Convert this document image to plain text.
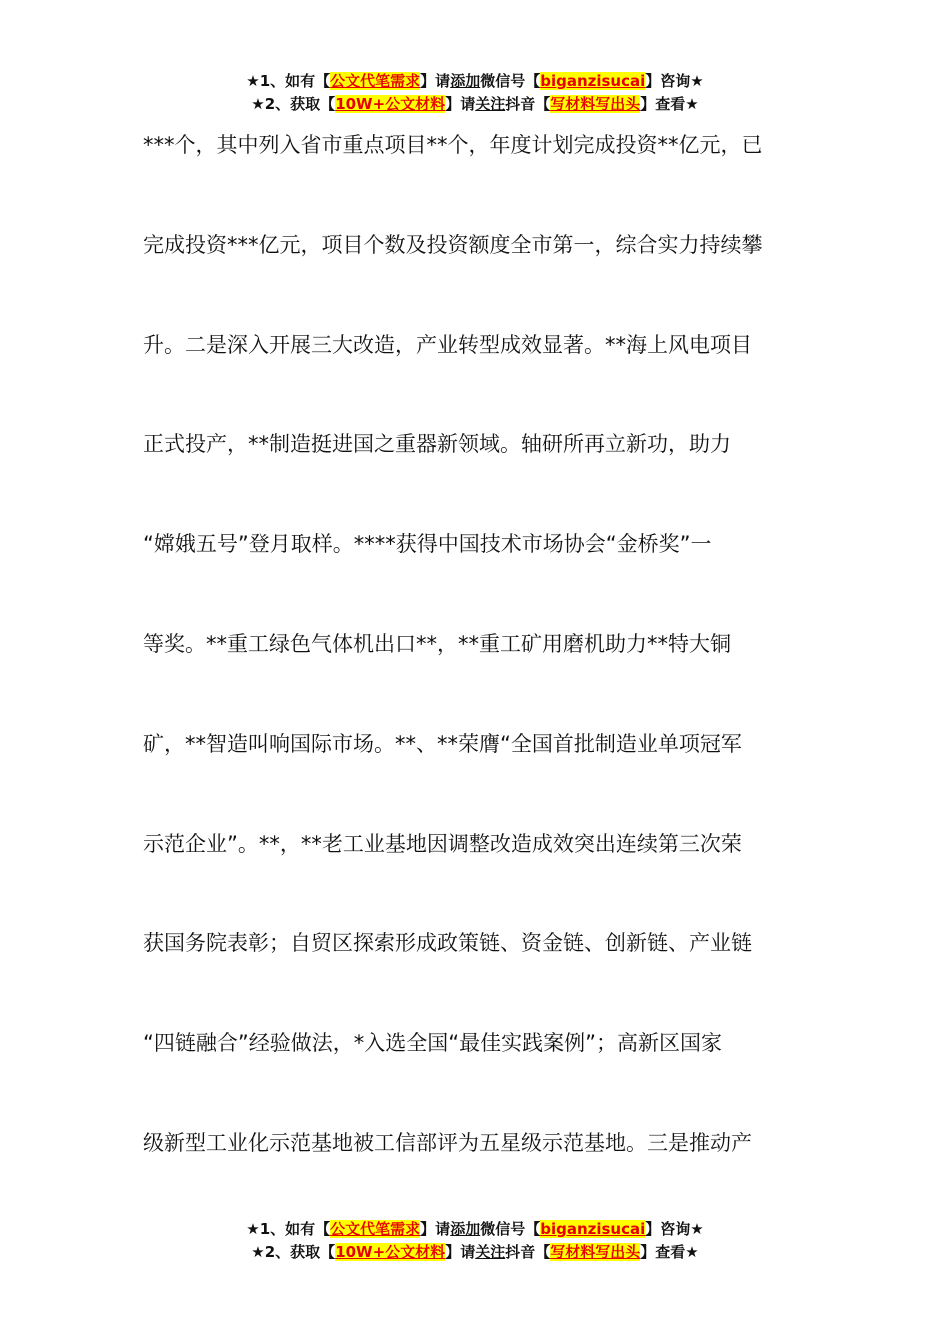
★1、如有【公文代笔需求】请添加微信号【biganzisucai】咨询★
★2、获取【10W+公文材料】请关注抖音【写材料写出头】查看★
***个，其中列入省市重点项目**个，年度计划完成投资**亿元，已
完成投资***亿元，项目个数及投资额度全市第一，综合实力持续攀
升。二是深入开展三大改造，产业转型成效显著。**海上风电项目
正式投产，**制造挺进国之重器新领域。轴研所再立新功，助力
“嫦娥五号”登月取样。****获得中国技术市场协会“金桥奖”一
等奖。**重工绿色气体机出口**，**重工矿用磨机助力**特大铜
矿，**智造叫响国际市场。**、**荣膺“全国首批制造业单项冠军
示范企业”。**，**老工业基地因调整改造成效突出连续第三次荣
获国务院表彰；自贸区探索形成政策链、资金链、创新链、产业链
“四链融合”经验做法，*入选全国“最佳实践案例”；高新区国家
级新型工业化示范基地被工信部评为五星级示范基地。三是推动产
★1、如有【公文代笔需求】请添加微信号【biganzisucai】咨询★
★2、获取【10W+公文材料】请关注抖音【写材料写出头】查看★
